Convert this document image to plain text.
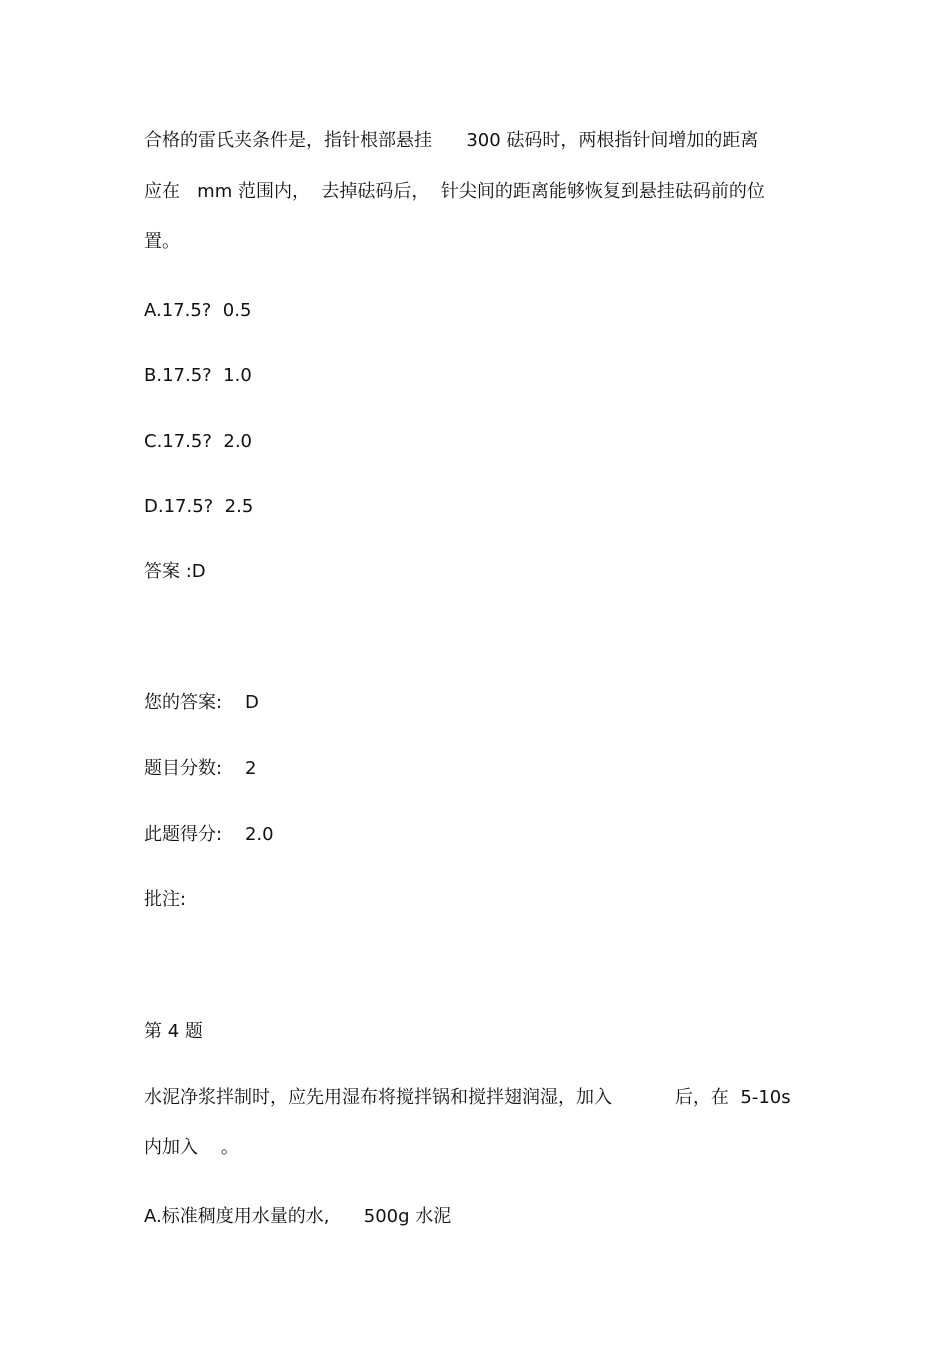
合格的雷氏夹条件是，指针根部悬挂      300 砝码时，两根指针间增加的距离
应在   mm 范围内，  去掉砝码后，  针尖间的距离能够恢复到悬挂砝码前的位
置。
A.17.5?  0.5
B.17.5?  1.0
C.17.5?  2.0
D.17.5?  2.5
答案 :D
您的答案:    D
题目分数:    2
此题得分:    2.0
批注:
第 4 题
水泥净浆拌制时，应先用湿布将搅拌锅和搅拌翅润湿，加入           后，在  5-10s
内加入    。
A.标准稠度用水量的水,      500g 水泥
